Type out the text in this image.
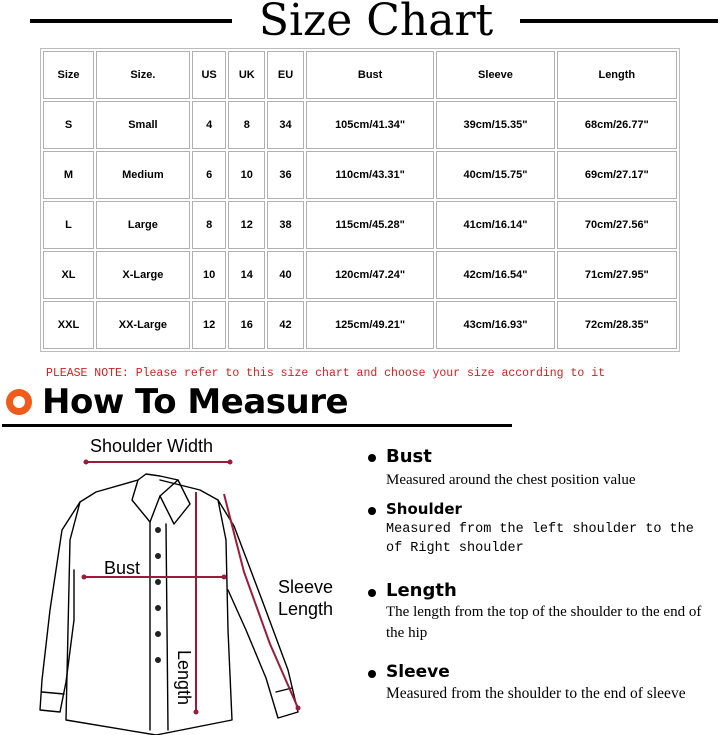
Size Chart
Size	Size.	US	UK	EU	Bust	Sleeve	Length
S	Small	4	8	34	105cm/41.34"	39cm/15.35"	68cm/26.77"
M	Medium	6	10	36	110cm/43.31"	40cm/15.75"	69cm/27.17"
L	Large	8	12	38	115cm/45.28"	41cm/16.14"	70cm/27.56"
XL	X-Large	10	14	40	120cm/47.24"	42cm/16.54"	71cm/27.95"
XXL	XX-Large	12	16	42	125cm/49.21"	43cm/16.93"	72cm/28.35"
PLEASE NOTE: Please refer to this size chart and choose your size according to it
How To Measure
Shoulder Width
Bust
Sleeve
Length
Length
Bust
Measured around the chest position value
Shoulder
Measured from the left shoulder to the of Right shoulder
Length
The length from the top of the shoulder to the end of the hip
Sleeve
Measured from the shoulder to the end of sleeve
